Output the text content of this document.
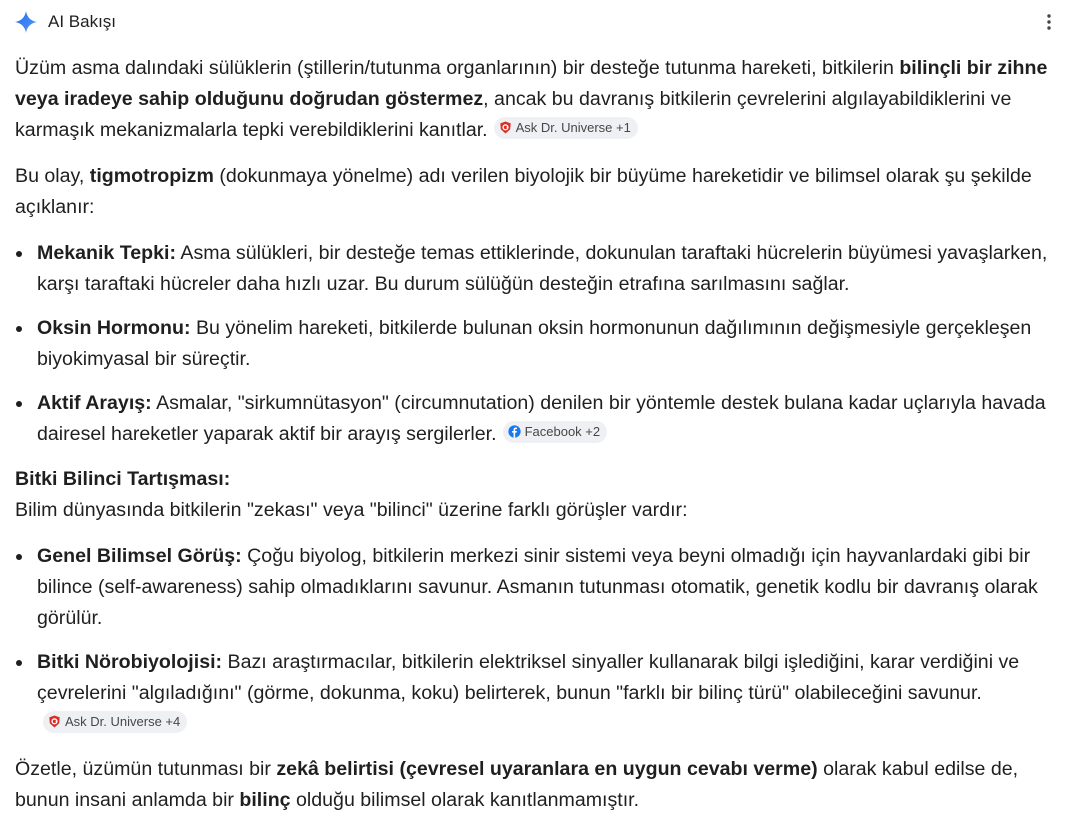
AI Bakışı

Üzüm asma dalındaki sülüklerin (ştillerin/tutunma organlarının) bir desteğe tutunma hareketi, bitkilerin bilinçli bir zihne veya iradeye sahip olduğunu doğrudan göstermez, ancak bu davranış bitkilerin çevrelerini algılayabildiklerini ve karmaşık mekanizmalarla tepki verebildiklerini kanıtlar. Ask Dr. Universe +1

Bu olay, tigmotropizm (dokunmaya yönelme) adı verilen biyolojik bir büyüme hareketidir ve bilimsel olarak şu şekilde açıklanır:

Mekanik Tepki: Asma sülükleri, bir desteğe temas ettiklerinde, dokunulan taraftaki hücrelerin büyümesi yavaşlarken, karşı taraftaki hücreler daha hızlı uzar. Bu durum sülüğün desteğin etrafına sarılmasını sağlar.
Oksin Hormonu: Bu yönelim hareketi, bitkilerde bulunan oksin hormonunun dağılımının değişmesiyle gerçekleşen biyokimyasal bir süreçtir.
Aktif Arayış: Asmalar, "sirkumnütasyon" (circumnutation) denilen bir yöntemle destek bulana kadar uçlarıyla havada dairesel hareketler yaparak aktif bir arayış sergilerler. Facebook +2

Bitki Bilinci Tartışması:
Bilim dünyasında bitkilerin "zekası" veya "bilinci" üzerine farklı görüşler vardır:

Genel Bilimsel Görüş: Çoğu biyolog, bitkilerin merkezi sinir sistemi veya beyni olmadığı için hayvanlardaki gibi bir bilince (self-awareness) sahip olmadıklarını savunur. Asmanın tutunması otomatik, genetik kodlu bir davranış olarak görülür.
Bitki Nörobiyolojisi: Bazı araştırmacılar, bitkilerin elektriksel sinyaller kullanarak bilgi işlediğini, karar verdiğini ve çevrelerini "algıladığını" (görme, dokunma, koku) belirterek, bunun "farklı bir bilinç türü" olabileceğini savunur.
Ask Dr. Universe +4

Özetle, üzümün tutunması bir zekâ belirtisi (çevresel uyaranlara en uygun cevabı verme) olarak kabul edilse de, bunun insani anlamda bir bilinç olduğu bilimsel olarak kanıtlanmamıştır.
